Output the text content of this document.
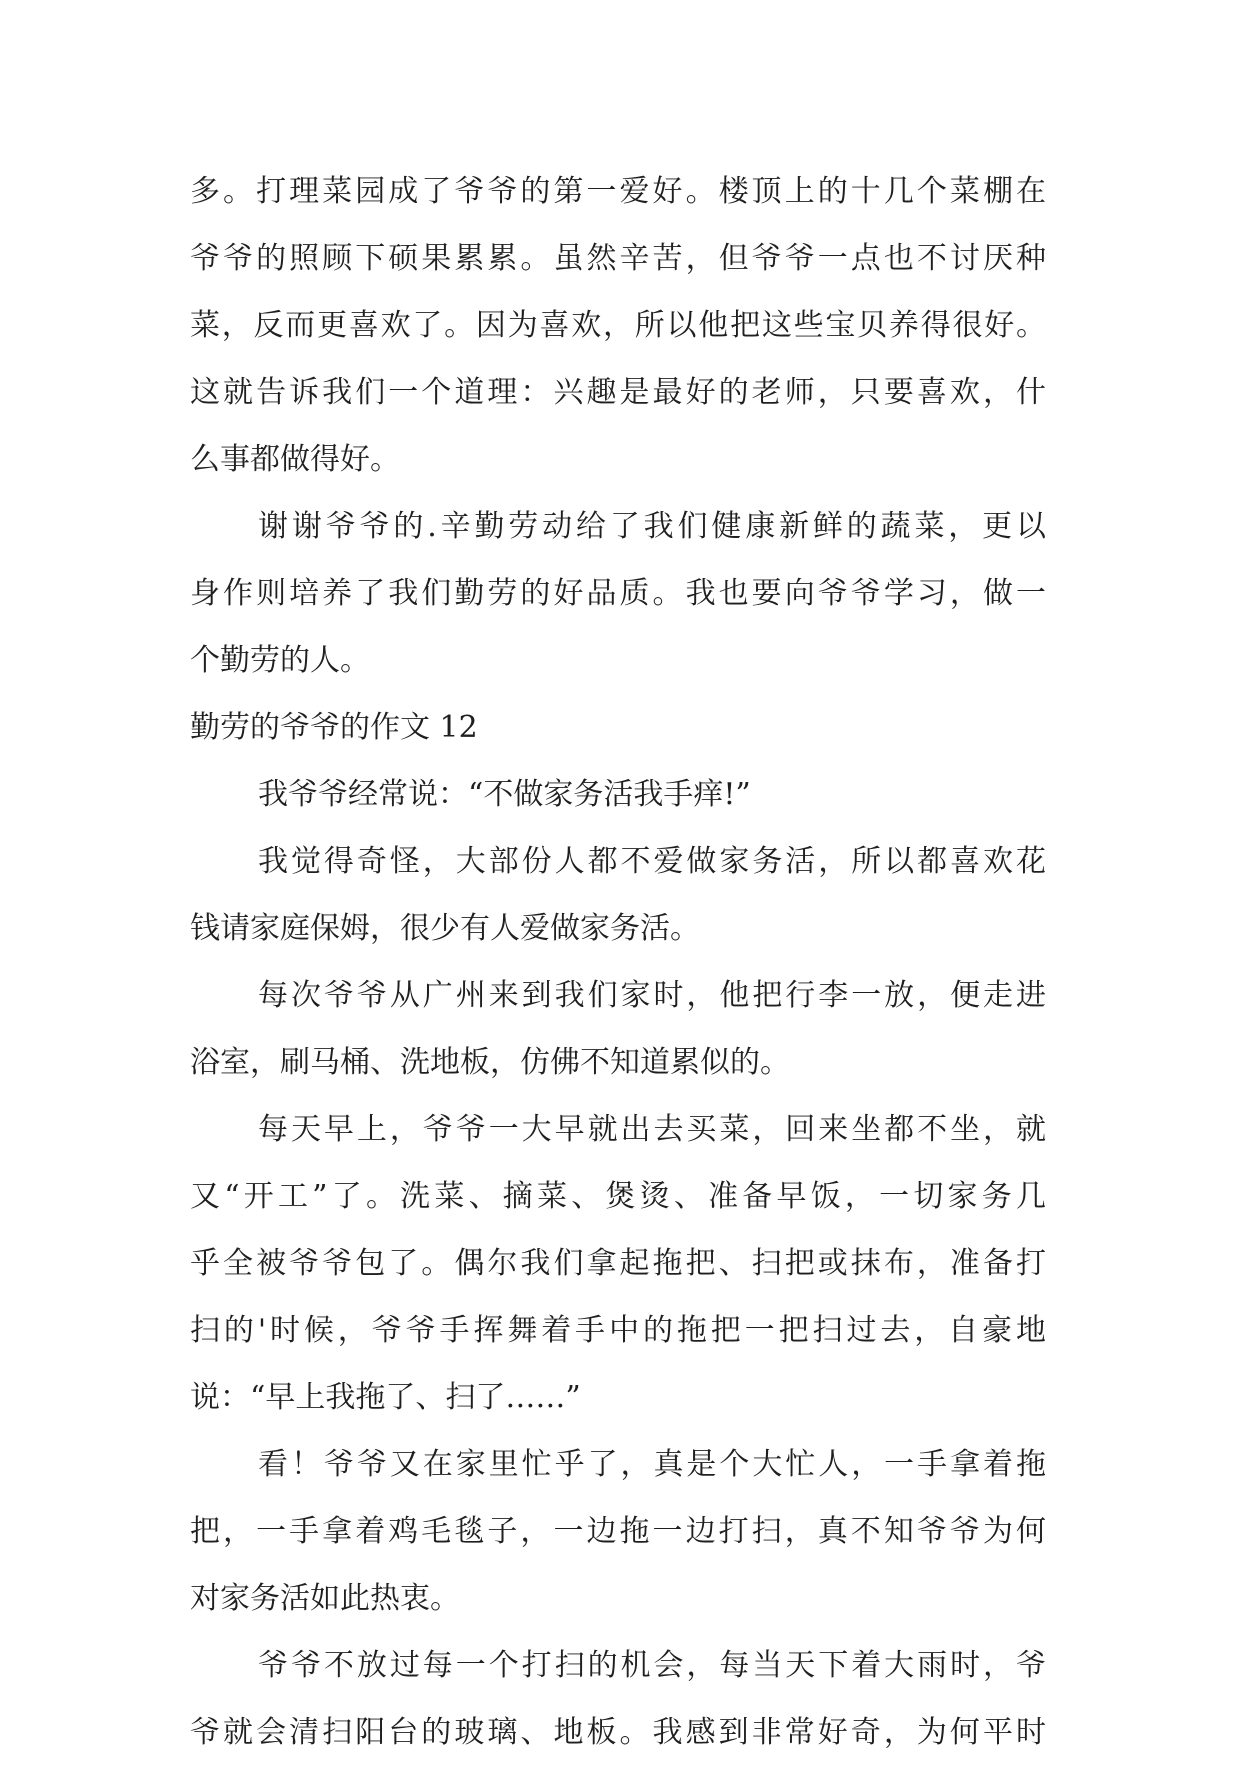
多。打理菜园成了爷爷的第一爱好。楼顶上的十几个菜棚在
爷爷的照顾下硕果累累。虽然辛苦，但爷爷一点也不讨厌种
菜，反而更喜欢了。因为喜欢，所以他把这些宝贝养得很好。
这就告诉我们一个道理：兴趣是最好的老师，只要喜欢，什
么事都做得好。
谢谢爷爷的.辛勤劳动给了我们健康新鲜的蔬菜，更以
身作则培养了我们勤劳的好品质。我也要向爷爷学习，做一
个勤劳的人。
勤劳的爷爷的作文 12
我爷爷经常说：“不做家务活我手痒!”
我觉得奇怪，大部份人都不爱做家务活，所以都喜欢花
钱请家庭保姆，很少有人爱做家务活。
每次爷爷从广州来到我们家时，他把行李一放，便走进
浴室，刷马桶、洗地板，仿佛不知道累似的。
每天早上，爷爷一大早就出去买菜，回来坐都不坐，就
又“开工”了。洗菜、摘菜、煲烫、准备早饭，一切家务几
乎全被爷爷包了。偶尔我们拿起拖把、扫把或抹布，准备打
扫的'时候，爷爷手挥舞着手中的拖把一把扫过去，自豪地
说：“早上我拖了、扫了……”
看！爷爷又在家里忙乎了，真是个大忙人，一手拿着拖
把，一手拿着鸡毛毯子，一边拖一边打扫，真不知爷爷为何
对家务活如此热衷。
爷爷不放过每一个打扫的机会，每当天下着大雨时，爷
爷就会清扫阳台的玻璃、地板。我感到非常好奇，为何平时
